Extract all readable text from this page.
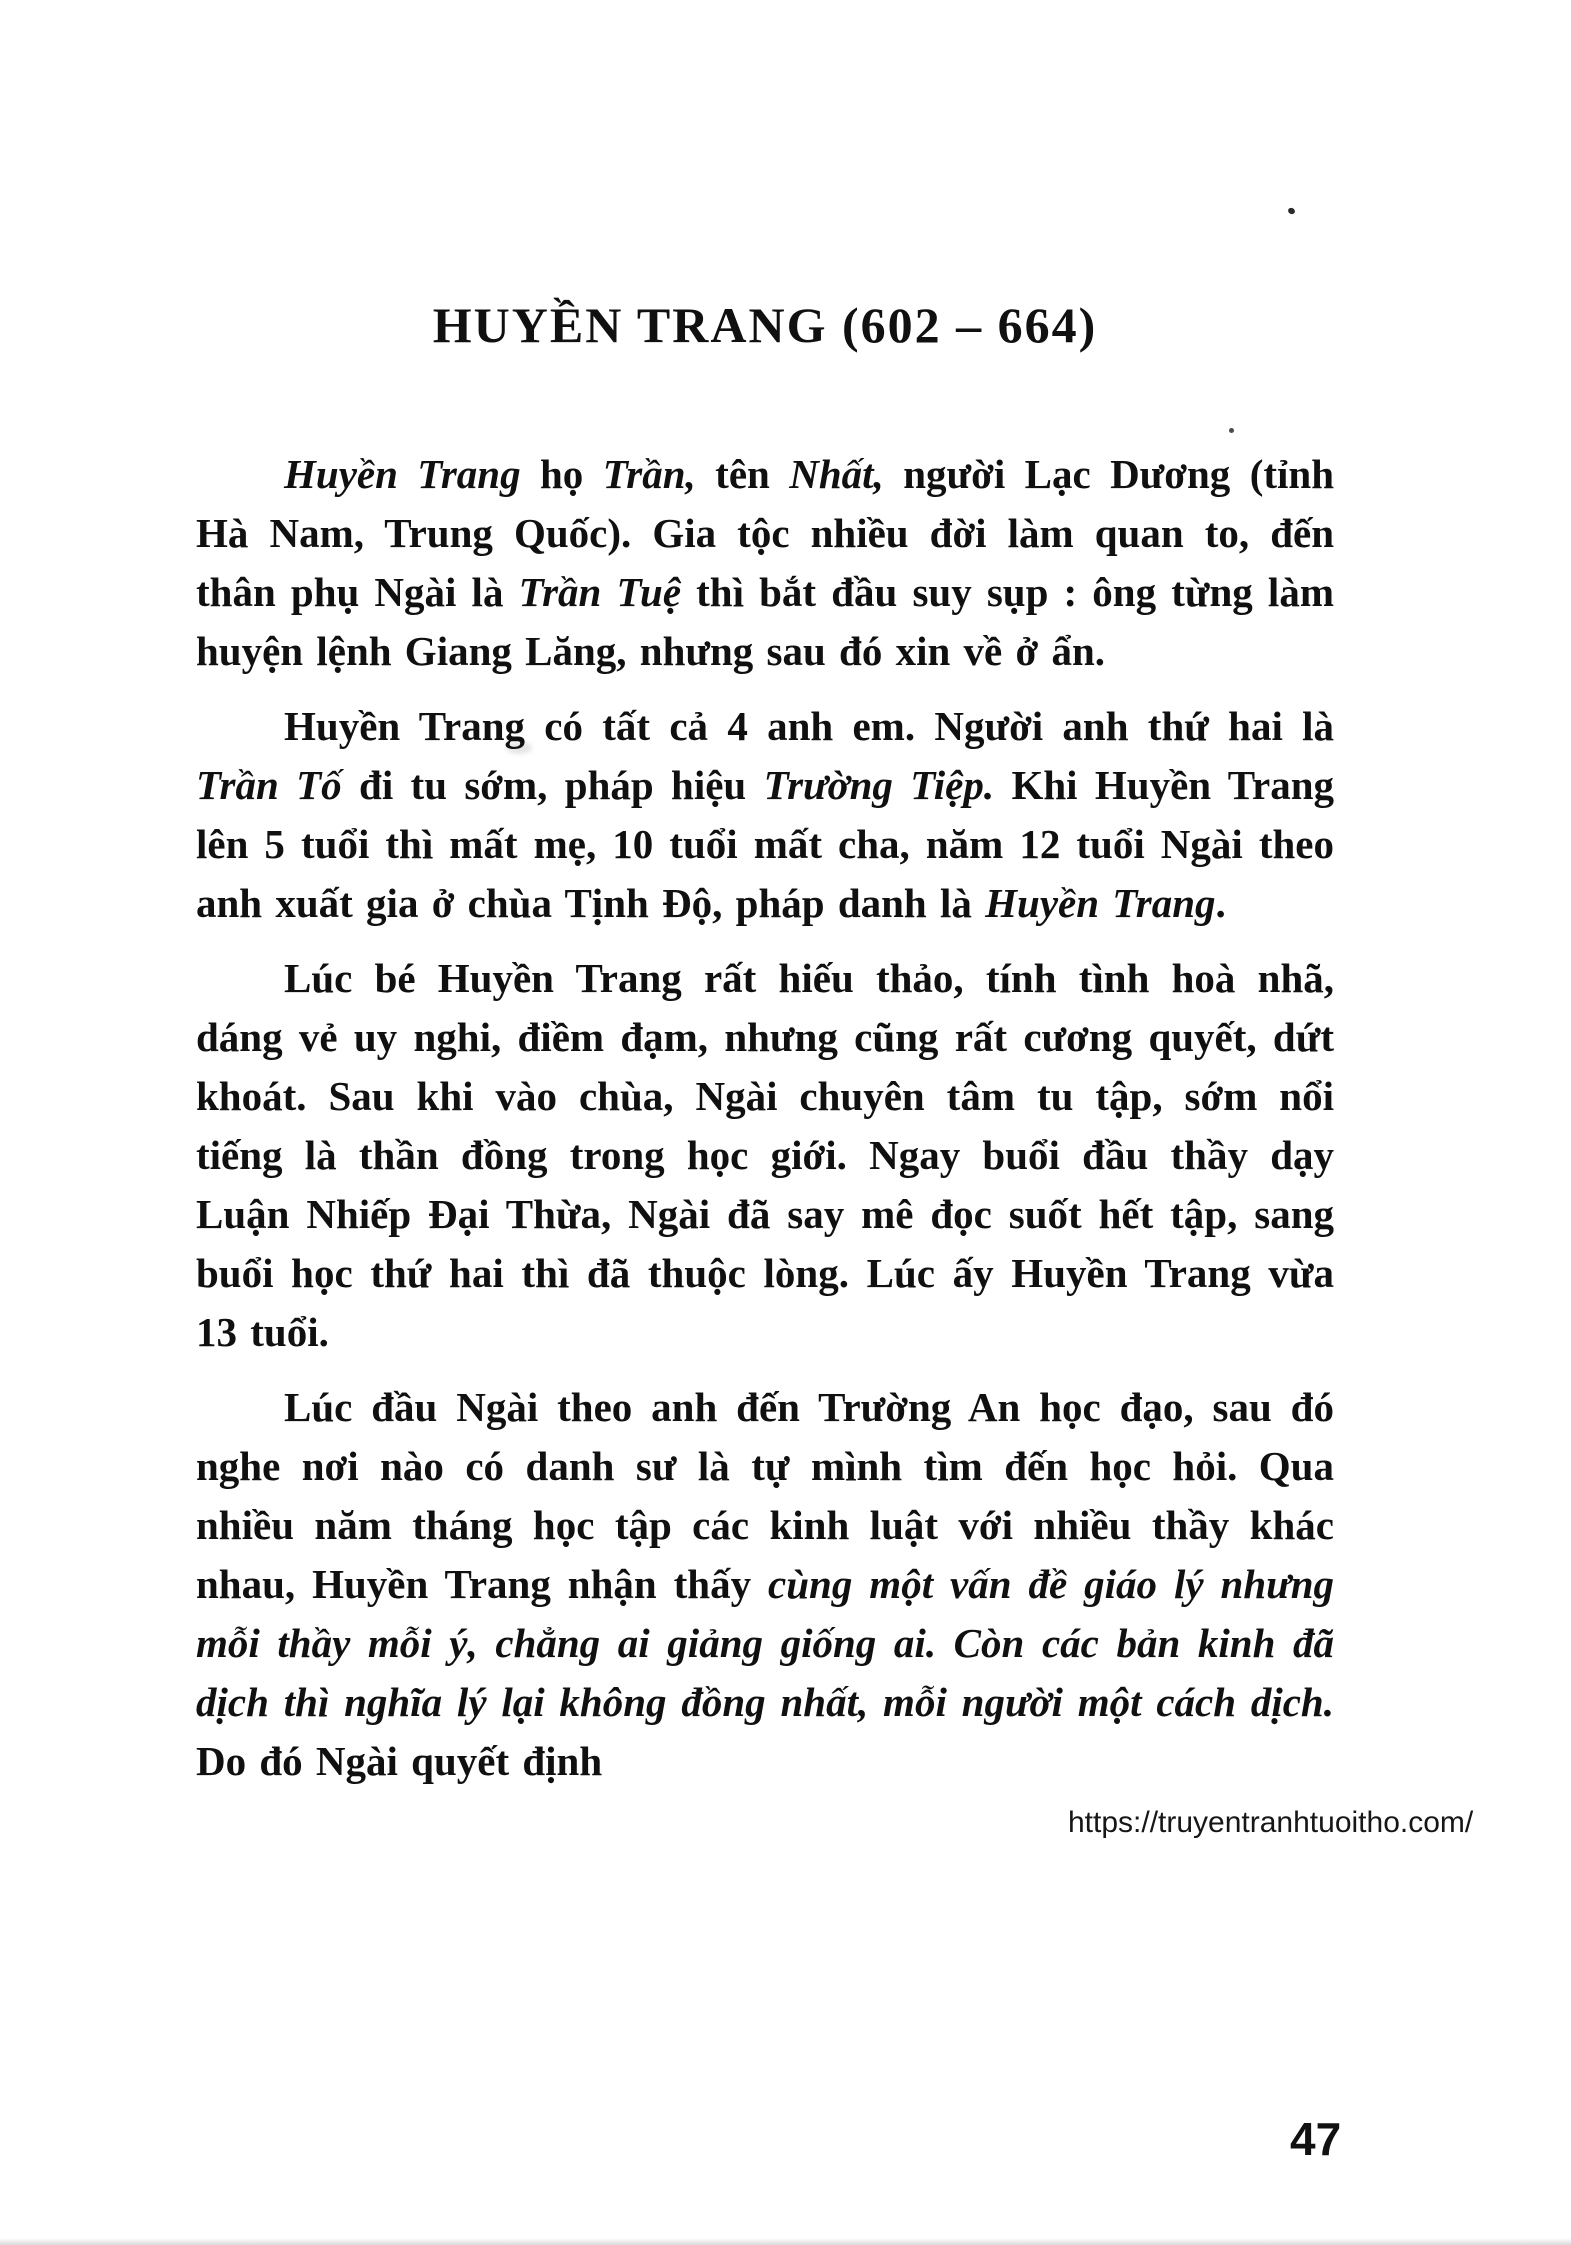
HUYỀN TRANG (602 – 664)

Huyền Trang họ Trần, tên Nhất, người Lạc Dương (tỉnh Hà Nam, Trung Quốc). Gia tộc nhiều đời làm quan to, đến thân phụ Ngài là Trần Tuệ thì bắt đầu suy sụp : ông từng làm huyện lệnh Giang Lăng, nhưng sau đó xin về ở ẩn.

Huyền Trang có tất cả 4 anh em. Người anh thứ hai là Trần Tố đi tu sớm, pháp hiệu Trường Tiệp. Khi Huyền Trang lên 5 tuổi thì mất mẹ, 10 tuổi mất cha, năm 12 tuổi Ngài theo anh xuất gia ở chùa Tịnh Độ, pháp danh là Huyền Trang.

Lúc bé Huyền Trang rất hiếu thảo, tính tình hoà nhã, dáng vẻ uy nghi, điềm đạm, nhưng cũng rất cương quyết, dứt khoát. Sau khi vào chùa, Ngài chuyên tâm tu tập, sớm nổi tiếng là thần đồng trong học giới. Ngay buổi đầu thầy dạy Luận Nhiếp Đại Thừa, Ngài đã say mê đọc suốt hết tập, sang buổi học thứ hai thì đã thuộc lòng. Lúc ấy Huyền Trang vừa 13 tuổi.

Lúc đầu Ngài theo anh đến Trường An học đạo, sau đó nghe nơi nào có danh sư là tự mình tìm đến học hỏi. Qua nhiều năm tháng học tập các kinh luật với nhiều thầy khác nhau, Huyền Trang nhận thấy cùng một vấn đề giáo lý nhưng mỗi thầy mỗi ý, chẳng ai giảng giống ai. Còn các bản kinh đã dịch thì nghĩa lý lại không đồng nhất, mỗi người một cách dịch. Do đó Ngài quyết định

https://truyentranhtuoitho.com/
47
